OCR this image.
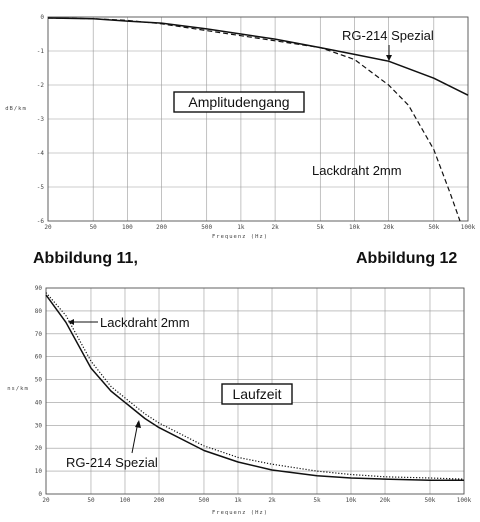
20	50	100	200	500	1k	2k	5k	10k	20k	50k	100k
0
-1
-2
-3
-4
-5
-6
Frequenz (Hz)
dB/km	Amplitudengang
RG-214 Spezial
Lackdraht 2mm
Abbildung 11,	Abbildung 12
20	50	100	200	500	1k	2k	5k	10k	20k	50k	100k
0
10
20
30
40
50
60
70
80
90
Frequenz (Hz)
ns/km	Laufzeit
Lackdraht 2mm
RG-214 Spezial
